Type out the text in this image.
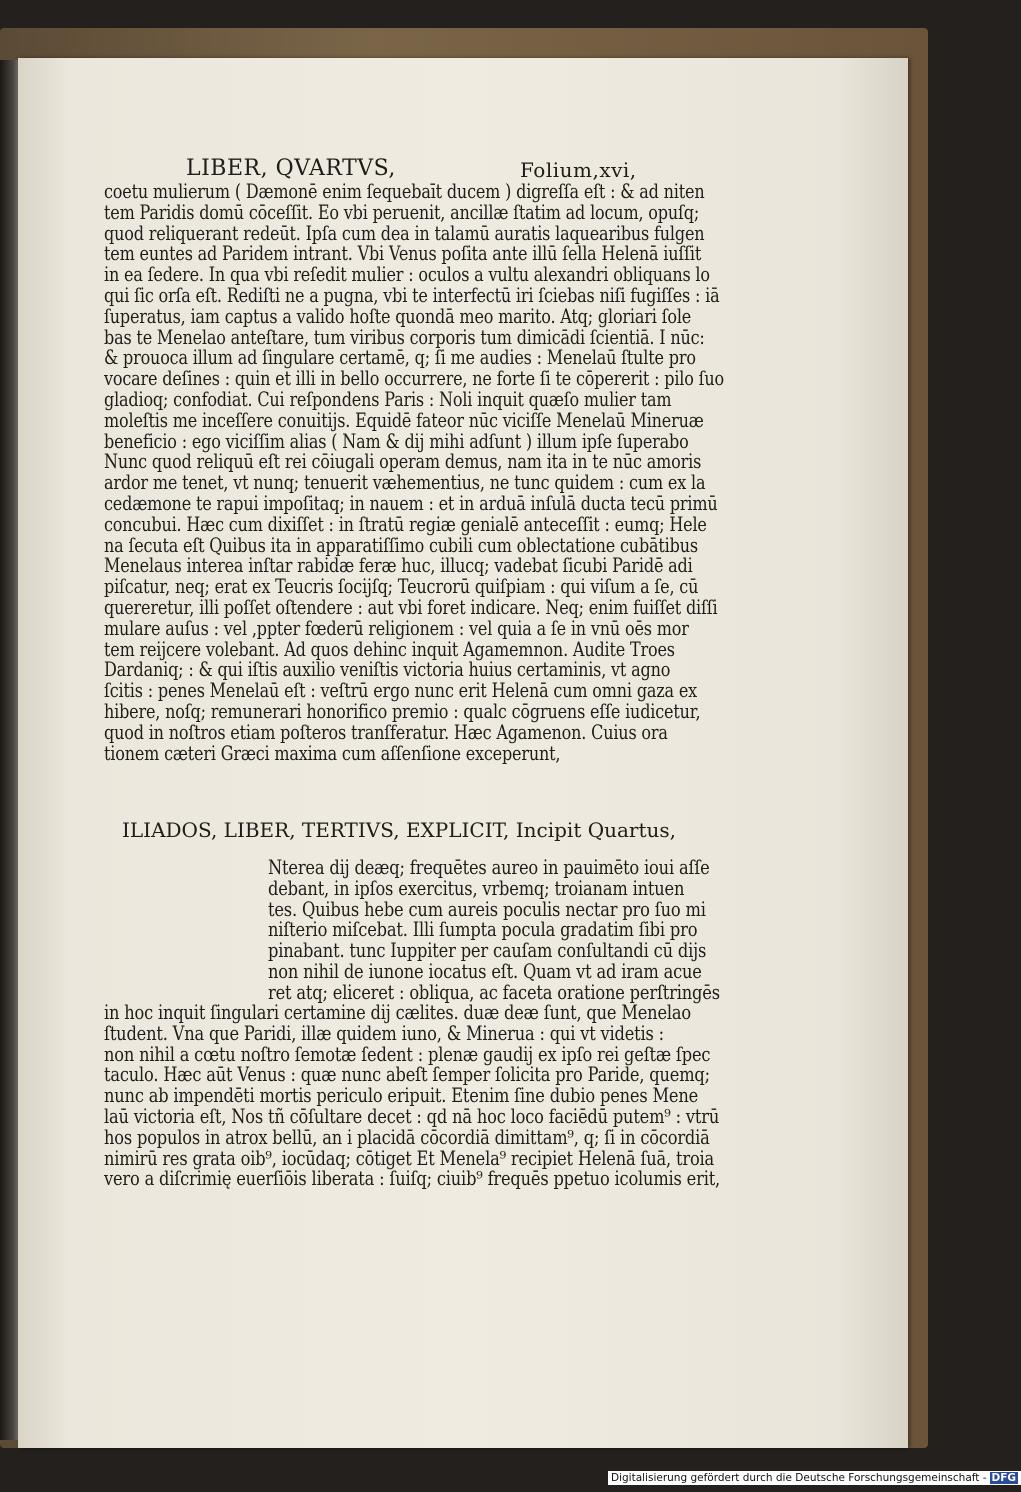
LIBER, QVARTVS,	Folium,xvi,
coetu mulierum ( Dæmonē enim ſequebaīt ducem ) digreſſa eſt : & ad niten
tem Paridis domū cōceſſit. Eo vbi peruenit, ancillæ ſtatim ad locum, opuſq;
quod reliquerant redeūt. Ipſa cum dea in talamū auratis laquearibus fulgen
tem euntes ad Paridem intrant. Vbi Venus poſita ante illū ſella Helenā iuſſit
in ea ſedere. In qua vbi reſedit mulier : oculos a vultu alexandri obliquans lo
qui ſic orſa eſt. Rediſti ne a pugna, vbi te interfectū iri ſciebas niſi fugiſſes : iā
ſuperatus, iam captus a valido hoſte quondā meo marito. Atq; gloriari ſole
bas te Menelao anteſtare, tum viribus corporis tum dimicādi ſcientiā. I nūc:
& prouoca illum ad ſingulare certamē, q; ſi me audies : Menelaū ſtulte pro
vocare deſines : quin et illi in bello occurrere, ne forte ſi te cōpererit : pilo ſuo
gladioq; confodiat. Cui reſpondens Paris : Noli inquit quæſo mulier tam
moleſtis me inceſſere conuitijs. Equidē fateor nūc viciſſe Menelaū Mineruæ
beneficio : ego viciſſim alias ( Nam & dij mihi adſunt ) illum ipſe ſuperabo
Nunc quod reliquū eſt rei cōiugali operam demus, nam ita in te nūc amoris
ardor me tenet, vt nunq; tenuerit væhementius, ne tunc quidem : cum ex la
cedæmone te rapui impoſitaq; in nauem : et in arduā inſulā ducta tecū primū
concubui. Hæc cum dixiſſet : in ſtratū regiæ genialē anteceſſit : eumq; Hele
na ſecuta eſt Quibus ita in apparatiſſimo cubili cum oblectatione cubātibus
Menelaus interea inſtar rabidæ feræ huc, illucq; vadebat ſicubi Paridē adi
piſcatur, neq; erat ex Teucris ſocijſq; Teucrorū quiſpiam : qui viſum a ſe, cū
quereretur, illi poſſet oſtendere : aut vbi foret indicare. Neq; enim fuiſſet diſſi
mulare auſus : vel ,ppter fœderū religionem : vel quia a ſe in vnū oēs mor
tem reijcere volebant. Ad quos dehinc inquit Agamemnon. Audite Troes
Dardaniq; : & qui iſtis auxilio veniſtis victoria huius certaminis, vt agno
ſcitis : penes Menelaū eſt : veſtrū ergo nunc erit Helenā cum omni gaza ex
hibere, noſq; remunerari honorifico premio : qualc cōgruens eſſe iudicetur,
quod in noſtros etiam poſteros tranſferatur. Hæc Agamenon. Cuius ora
tionem cæteri Græci maxima cum aſſenſione exceperunt,
ILIADOS, LIBER, TERTIVS, EXPLICIT, Incipit Quartus,
Nterea dij deæq; frequētes aureo in pauimēto ioui aſſe
debant, in ipſos exercitus, vrbemq; troianam intuen
tes. Quibus hebe cum aureis poculis nectar pro ſuo mi
niſterio miſcebat. Illi ſumpta pocula gradatim ſibi pro
pinabant. tunc Iuppiter per cauſam conſultandi cū dijs
non nihil de iunone iocatus eſt. Quam vt ad iram acue
ret atq; eliceret : obliqua, ac faceta oratione perſtringēs
in hoc inquit ſingulari certamine dij cælites. duæ deæ ſunt, que Menelao
ſtudent. Vna que Paridi, illæ quidem iuno, & Minerua : qui vt videtis :
non nihil a cœtu noſtro ſemotæ ſedent : plenæ gaudij ex ipſo rei geſtæ ſpec
taculo. Hæc aūt Venus : quæ nunc abeſt ſemper ſolicita pro Paride, quemq;
nunc ab impendēti mortis periculo eripuit. Etenim ſine dubio penes Mene
laū victoria eſt, Nos tñ cōſultare decet : qd nā hoc loco faciēdū putem⁹ : vtrū
hos populos in atrox bellū, an i placidā cōcordiā dimittam⁹, q; ſi in cōcordiā
nimirū res grata oib⁹, iocūdaq; cōtiget Et Menela⁹ recipiet Helenā ſuā, troia
vero a diſcrimię euerſiōis liberata : ſuiſq; ciuib⁹ frequēs ppetuo icolumis erit,
Digitalisierung gefördert durch die Deutsche Forschungsgemeinschaft - DFG
